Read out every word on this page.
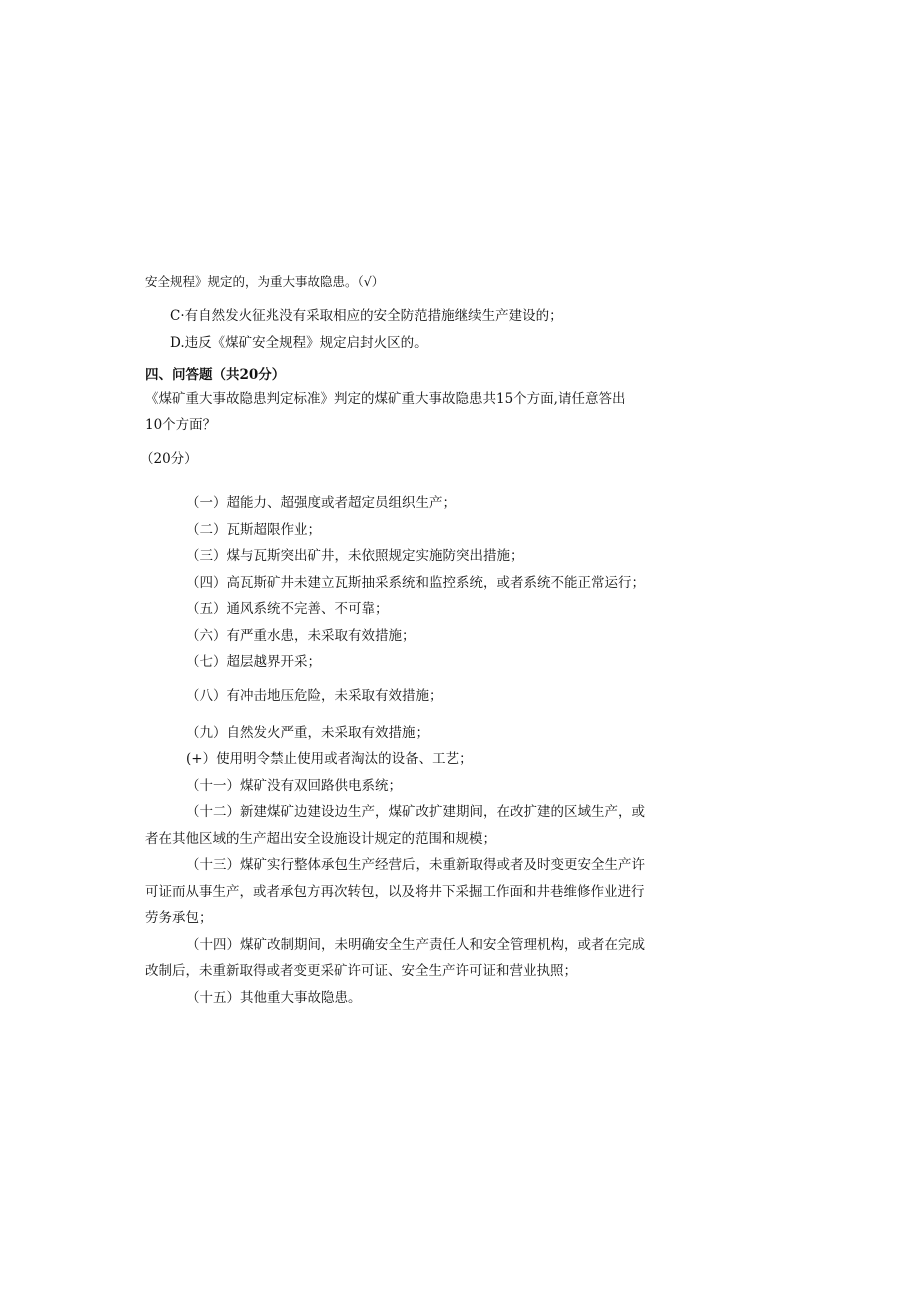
安全规程》规定的，为重大事故隐患。（√）
C·有自然发火征兆没有采取相应的安全防范措施继续生产建设的；
D.违反《煤矿安全规程》规定启封火区的。
四、问答题（共20分）
《煤矿重大事故隐患判定标准》判定的煤矿重大事故隐患共15个方面,请任意答出
10个方面？
（20分）
（一）超能力、超强度或者超定员组织生产；
（二）瓦斯超限作业；
（三）煤与瓦斯突出矿井，未依照规定实施防突出措施；
（四）高瓦斯矿井未建立瓦斯抽采系统和监控系统，或者系统不能正常运行；
（五）通风系统不完善、不可靠；
（六）有严重水患，未采取有效措施；
（七）超层越界开采；
（八）有冲击地压危险，未采取有效措施；
（九）自然发火严重，未采取有效措施；
(+）使用明令禁止使用或者淘汰的设备、工艺；
（十一）煤矿没有双回路供电系统；
（十二）新建煤矿边建设边生产，煤矿改扩建期间，在改扩建的区域生产，或
者在其他区域的生产超出安全设施设计规定的范围和规模；
（十三）煤矿实行整体承包生产经营后，未重新取得或者及时变更安全生产许
可证而从事生产，或者承包方再次转包，以及将井下采掘工作面和井巷维修作业进行
劳务承包；
（十四）煤矿改制期间，未明确安全生产责任人和安全管理机构，或者在完成
改制后，未重新取得或者变更采矿许可证、安全生产许可证和营业执照；
（十五）其他重大事故隐患。
